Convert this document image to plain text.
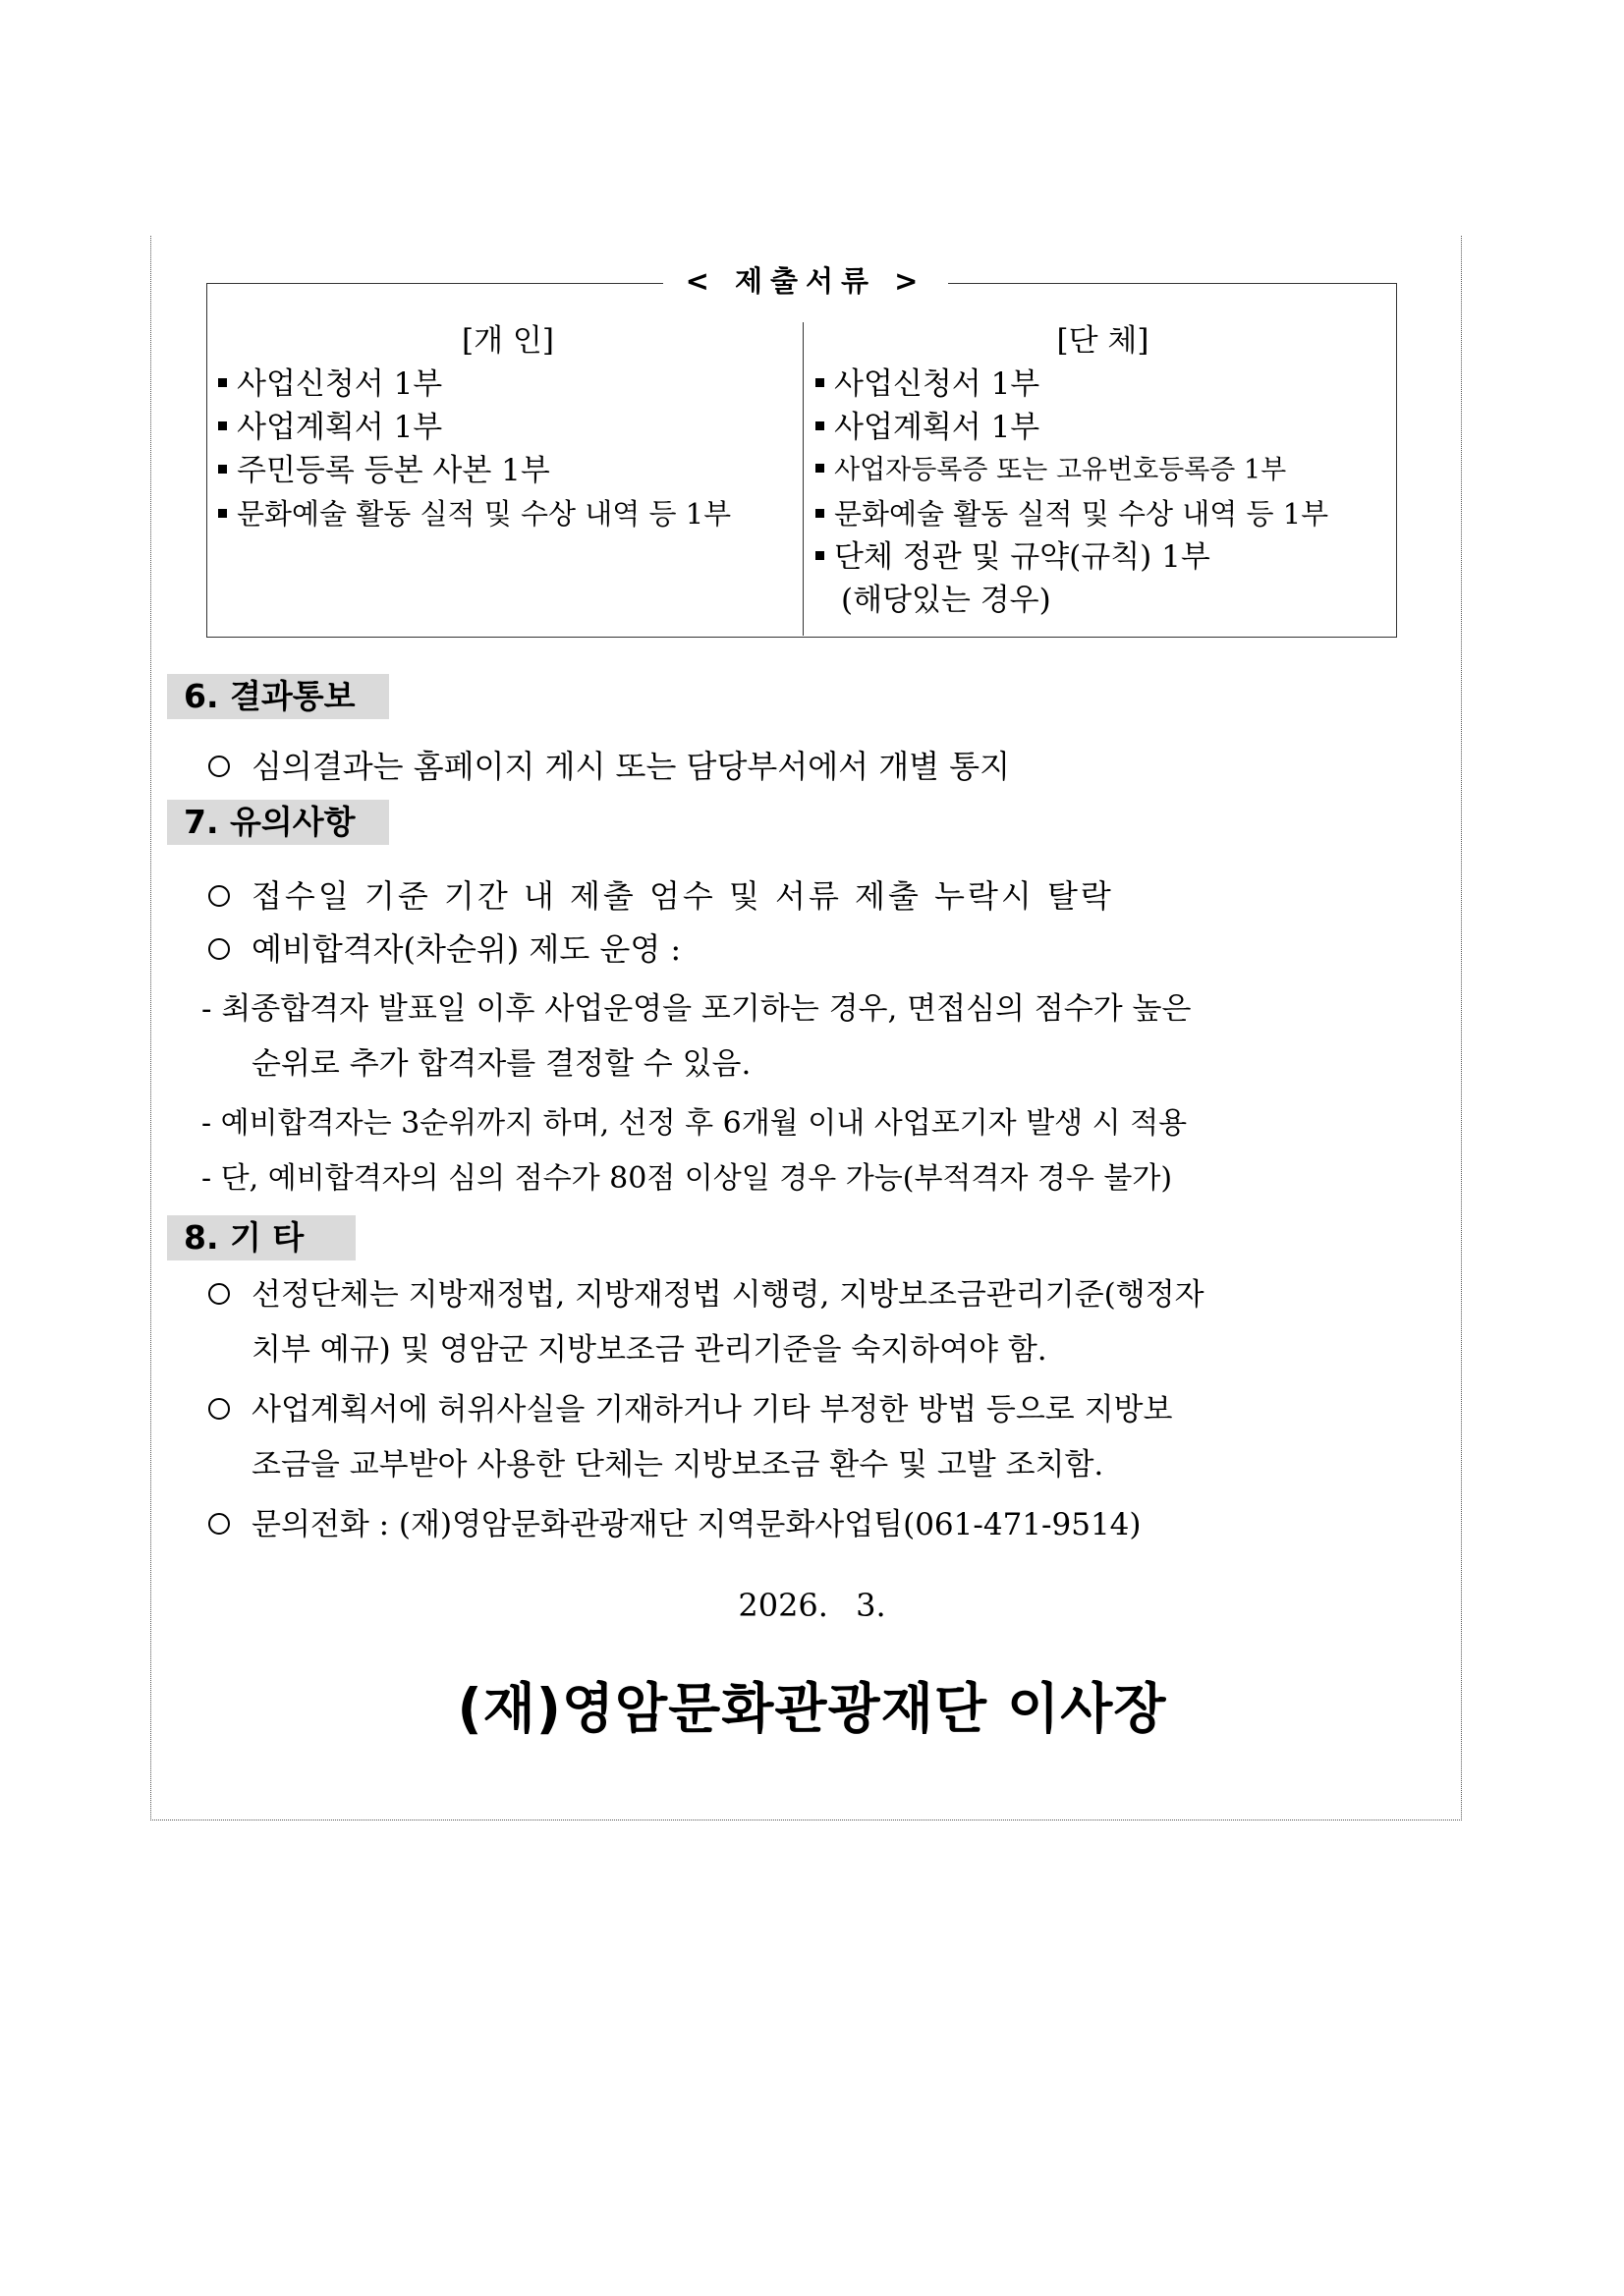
< 제출서류 >
[개 인]
사업신청서 1부
사업계획서 1부
주민등록 등본 사본 1부
문화예술 활동 실적 및 수상 내역 등 1부
[단 체]
사업신청서 1부
사업계획서 1부
사업자등록증 또는 고유번호등록증 1부
문화예술 활동 실적 및 수상 내역 등 1부
단체 정관 및 규약(규칙) 1부
(해당있는 경우)
6. 결과통보
심의결과는 홈페이지 게시 또는 담당부서에서 개별 통지
7. 유의사항
접수일 기준 기간 내 제출 엄수 및 서류 제출 누락시 탈락
예비합격자(차순위) 제도 운영 :
- 최종합격자 발표일 이후 사업운영을 포기하는 경우, 면접심의 점수가 높은
순위로 추가 합격자를 결정할 수 있음.
- 예비합격자는 3순위까지 하며, 선정 후 6개월 이내 사업포기자 발생 시 적용
- 단, 예비합격자의 심의 점수가 80점 이상일 경우 가능(부적격자 경우 불가)
8. 기 타
선정단체는 지방재정법, 지방재정법 시행령, 지방보조금관리기준(행정자
치부 예규) 및 영암군 지방보조금 관리기준을 숙지하여야 함.
사업계획서에 허위사실을 기재하거나 기타 부정한 방법 등으로 지방보
조금을 교부받아 사용한 단체는 지방보조금 환수 및 고발 조치함.
문의전화 : (재)영암문화관광재단 지역문화사업팀(061-471-9514)
2026. 3.
(재)영암문화관광재단 이사장
